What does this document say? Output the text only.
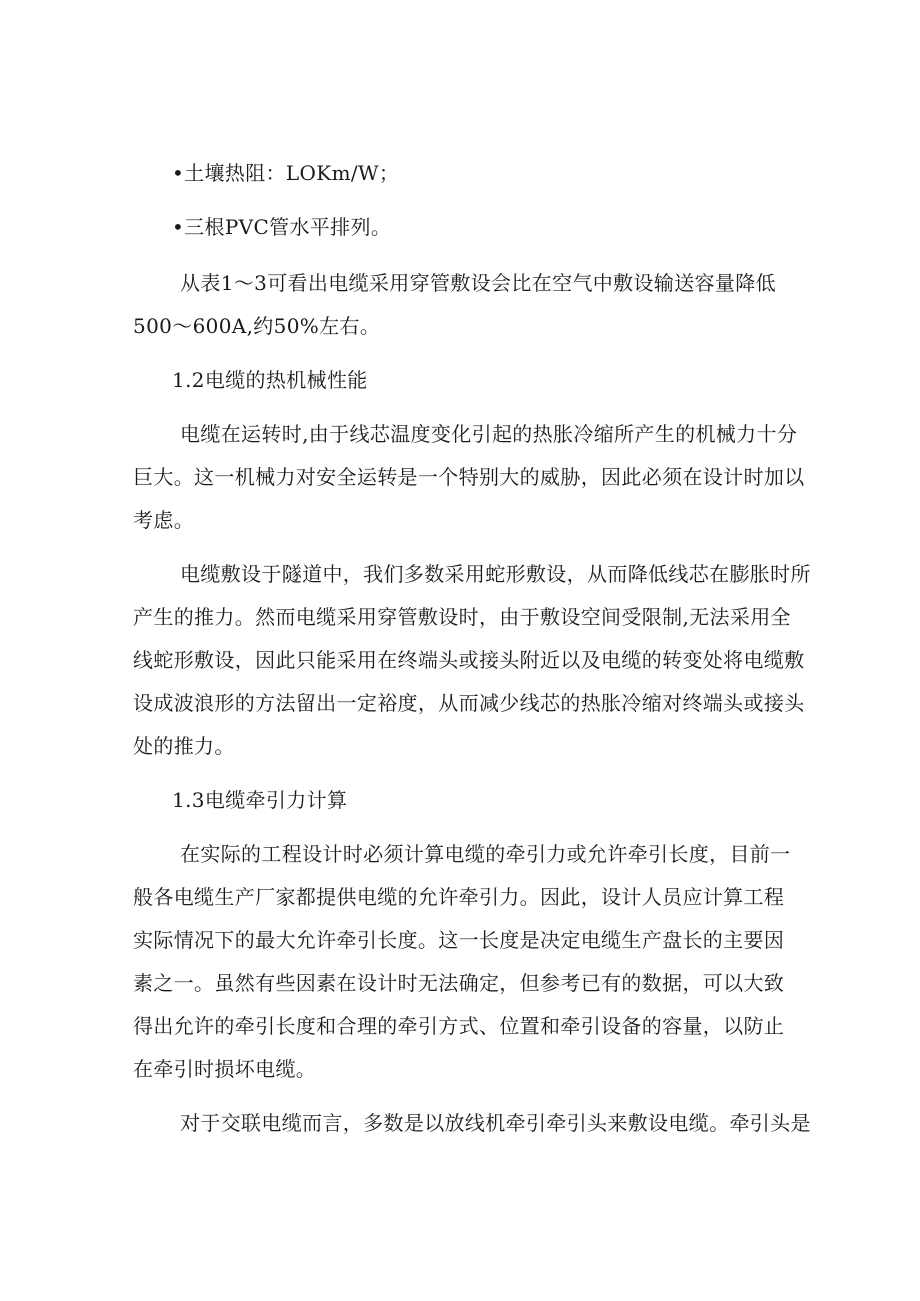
•土壤热阻：LOKm/W；
•三根PVC管水平排列。
从表1～3可看出电缆采用穿管敷设会比在空气中敷设输送容量降低
500～600A,约50%左右。
1.2电缆的热机械性能
电缆在运转时,由于线芯温度变化引起的热胀冷缩所产生的机械力十分
巨大。这一机械力对安全运转是一个特别大的威胁，因此必须在设计时加以
考虑。
电缆敷设于隧道中，我们多数采用蛇形敷设，从而降低线芯在膨胀时所
产生的推力。然而电缆采用穿管敷设时，由于敷设空间受限制,无法采用全
线蛇形敷设，因此只能采用在终端头或接头附近以及电缆的转变处将电缆敷
设成波浪形的方法留出一定裕度，从而减少线芯的热胀冷缩对终端头或接头
处的推力。
1.3电缆牵引力计算
在实际的工程设计时必须计算电缆的牵引力或允许牵引长度，目前一
般各电缆生产厂家都提供电缆的允许牵引力。因此，设计人员应计算工程
实际情况下的最大允许牵引长度。这一长度是决定电缆生产盘长的主要因
素之一。虽然有些因素在设计时无法确定，但参考已有的数据，可以大致
得出允许的牵引长度和合理的牵引方式、位置和牵引设备的容量，以防止
在牵引时损坏电缆。
对于交联电缆而言，多数是以放线机牵引牵引头来敷设电缆。牵引头是
